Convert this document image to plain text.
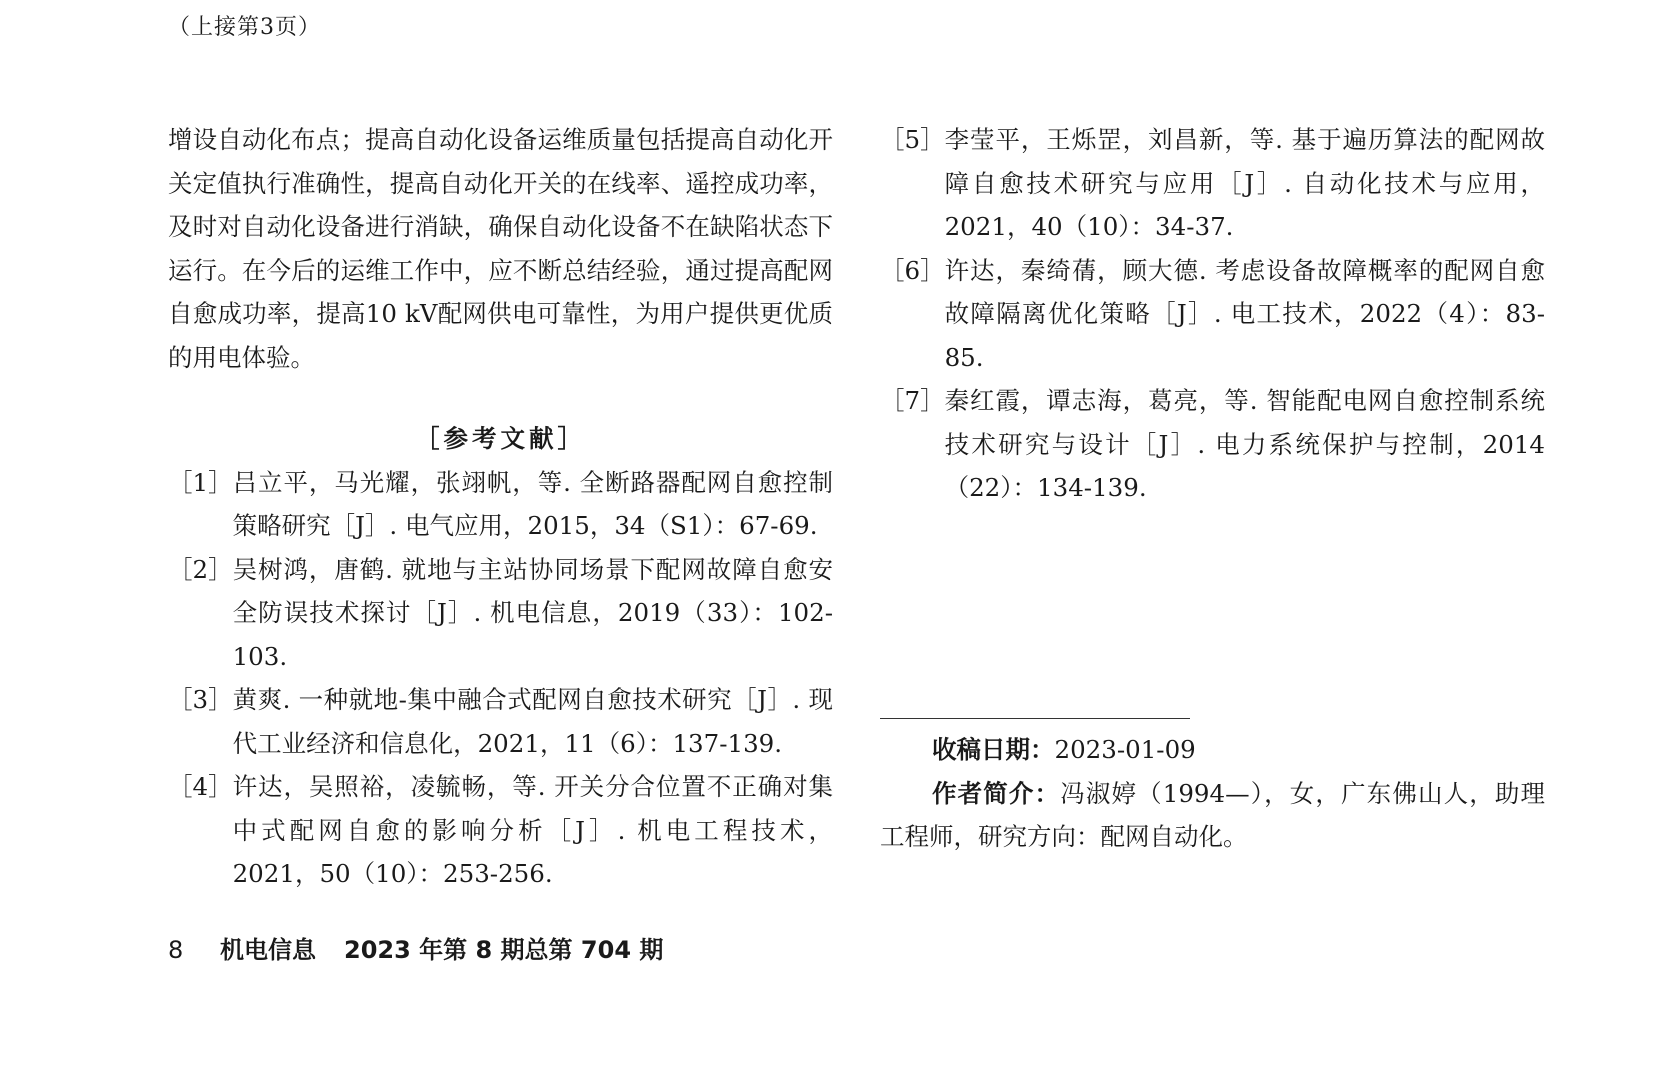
（上接第3页）

增设自动化布点；提高自动化设备运维质量包括提高自动化开关定值执行准确性，提高自动化开关的在线率、遥控成功率，及时对自动化设备进行消缺，确保自动化设备不在缺陷状态下运行。在今后的运维工作中，应不断总结经验，通过提高配网自愈成功率，提高10 kV配网供电可靠性，为用户提供更优质的用电体验。

［参考文献］

［1］ 吕立平，马光耀，张翊帆，等. 全断路器配网自愈控制策略研究［J］. 电气应用，2015，34（S1）：67-69.

［2］ 吴树鸿，唐鹤. 就地与主站协同场景下配网故障自愈安全防误技术探讨［J］. 机电信息，2019（33）：102-103.

［3］ 黄爽. 一种就地-集中融合式配网自愈技术研究［J］. 现代工业经济和信息化，2021，11（6）：137-139.

［4］ 许达，吴照裕，凌毓畅，等. 开关分合位置不正确对集中式配网自愈的影响分析［J］. 机电工程技术，2021，50（10）：253-256.

［5］ 李莹平，王烁罡，刘昌新，等. 基于遍历算法的配网故障自愈技术研究与应用［J］. 自动化技术与应用，2021，40（10）：34-37.

［6］ 许达，秦绮蒨，顾大德. 考虑设备故障概率的配网自愈故障隔离优化策略［J］. 电工技术，2022（4）：83-85.

［7］ 秦红霞，谭志海，葛亮，等. 智能配电网自愈控制系统技术研究与设计［J］. 电力系统保护与控制，2014（22）：134-139.

收稿日期：2023-01-09

作者简介：冯淑婷（1994—），女，广东佛山人，助理工程师，研究方向：配网自动化。

8	机电信息 2023 年第 8 期总第 704 期
